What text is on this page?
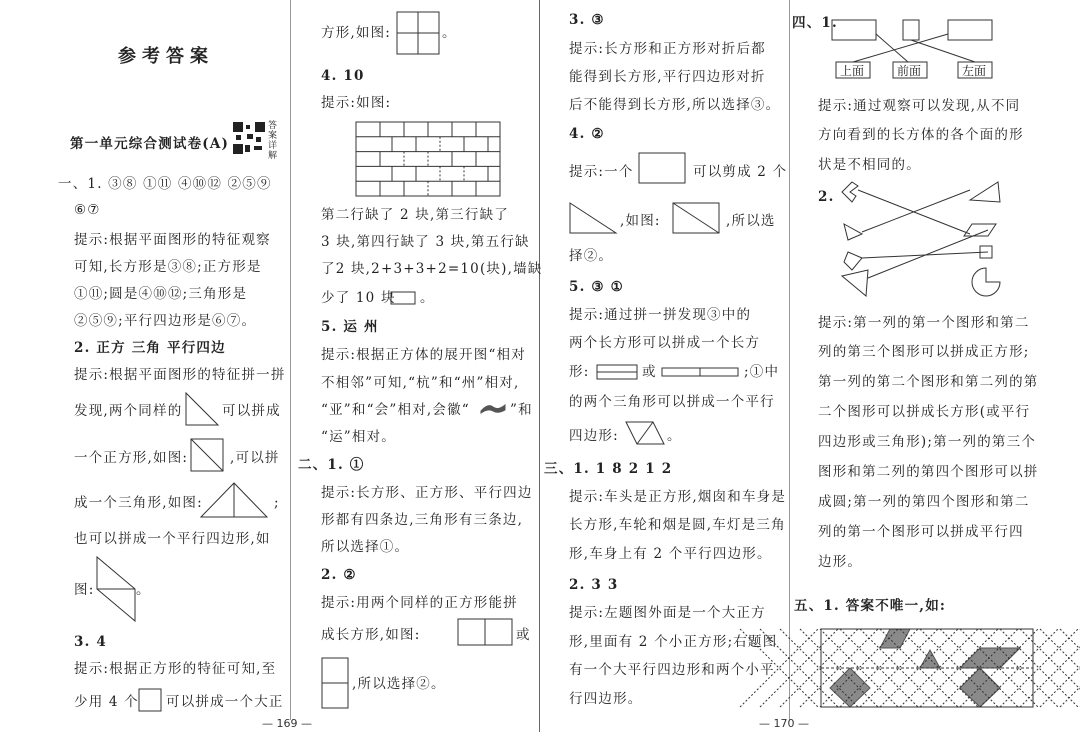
参考答案
第一单元综合测试卷(A)
答案详解
一、1. ③⑧ ①⑪ ④⑩⑫ ②⑤⑨
⑥⑦
提示:根据平面图形的特征观察
可知,长方形是③⑧;正方形是
①⑪;圆是④⑩⑫;三角形是
②⑤⑨;平行四边形是⑥⑦。
2. 正方 三角 平行四边
提示:根据平面图形的特征拼一拼
发现,两个同样的	可以拼成
一个正方形,如图:	,可以拼
成一个三角形,如图:	;
也可以拼成一个平行四边形,如
图:	。
3. 4
提示:根据正方形的特征可知,至
少用 4 个 可以拼成一个大正
— 169 —
方形,如图:	。
4. 10
提示:如图:
第二行缺了 2 块,第三行缺了
3 块,第四行缺了 3 块,第五行缺
了2 块,2+3+3+2=10(块),墙缺
少了 10 块 。
5. 运 州
提示:根据正方体的展开图“相对
不相邻”可知,“杭”和“州”相对,
“亚”和“会”相对,会徽“	”和
“运”相对。
二、1. ①
提示:长方形、正方形、平行四边
形都有四条边,三角形有三条边,
所以选择①。
2. ②
提示:用两个同样的正方形能拼
成长方形,如图:	或
,所以选择②。
3. ③
提示:长方形和正方形对折后都
能得到长方形,平行四边形对折
后不能得到长方形,所以选择③。
4. ②
提示:一个	可以剪成 2 个
,如图:	,所以选
择②。
5. ③ ①
提示:通过拼一拼发现③中的
两个长方形可以拼成一个长方
形:	或	;①中
的两个三角形可以拼成一个平行
四边形:	。
三、1. 1 8 2 1 2
提示:车头是正方形,烟囱和车身是
长方形,车轮和烟是圆,车灯是三角
形,车身上有 2 个平行四边形。
2. 3 3
提示:左题图外面是一个大正方
形,里面有 2 个小正方形;右题图
有一个大平行四边形和两个小平
行四边形。
— 170 —
四、1.
上面	前面	左面
提示:通过观察可以发现,从不同
方向看到的长方体的各个面的形
状是不相同的。
2.
提示:第一列的第一个图形和第二
列的第三个图形可以拼成正方形;
第一列的第二个图形和第二列的第
二个图形可以拼成长方形(或平行
四边形或三角形);第一列的第三个
图形和第二列的第四个图形可以拼
成圆;第一列的第四个图形和第二
列的第一个图形可以拼成平行四
边形。
五、1. 答案不唯一,如:
